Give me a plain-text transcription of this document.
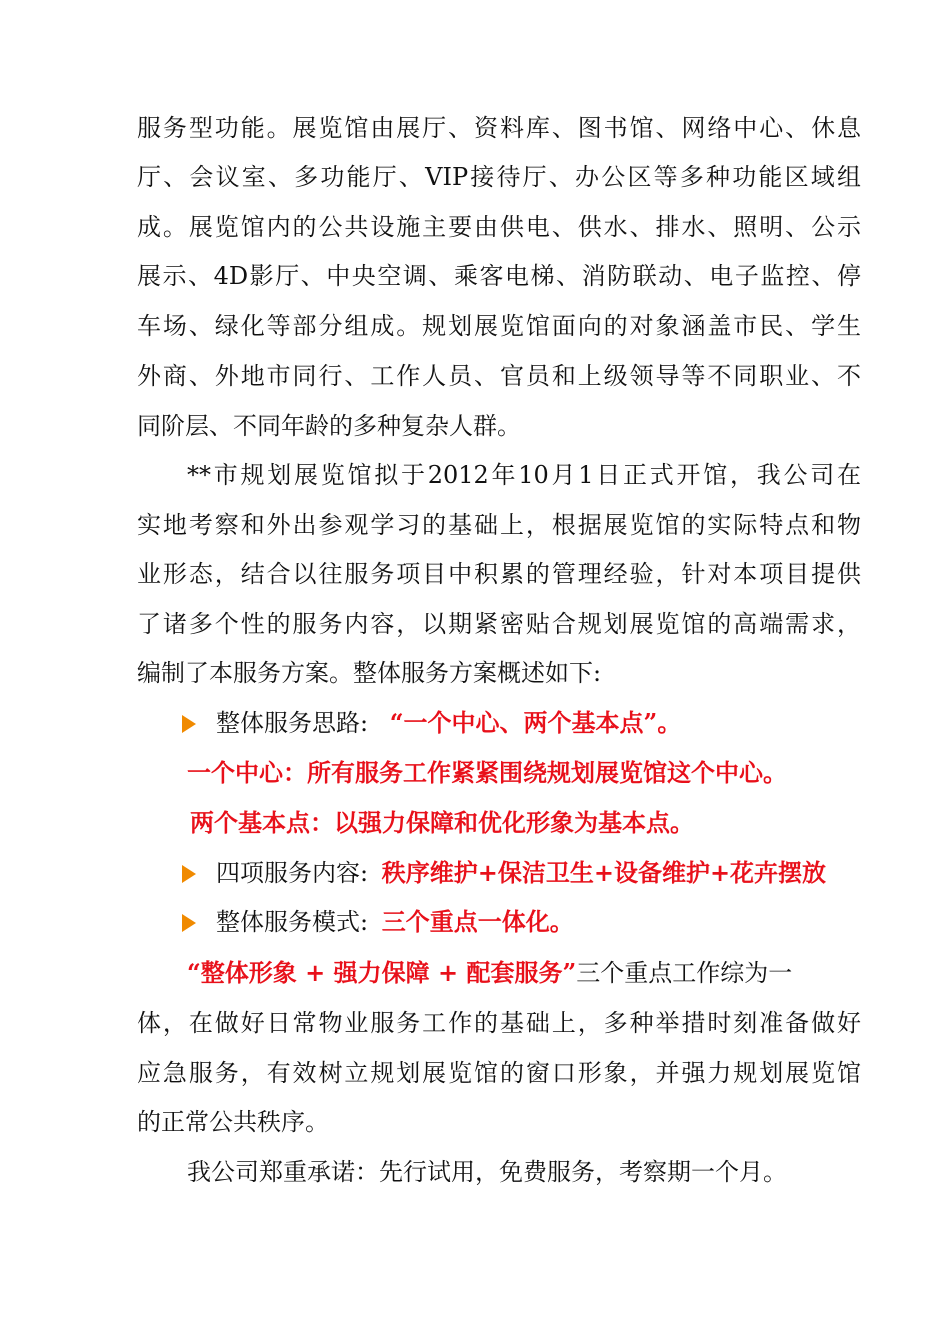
服务型功能。展览馆由展厅、资料库、图书馆、网络中心、休息
厅、会议室、多功能厅、VIP接待厅、办公区等多种功能区域组
成。展览馆内的公共设施主要由供电、供水、排水、照明、公示
展示、4D影厅、中央空调、乘客电梯、消防联动、电子监控、停
车场、绿化等部分组成。规划展览馆面向的对象涵盖市民、学生
外商、外地市同行、工作人员、官员和上级领导等不同职业、不
同阶层、不同年龄的多种复杂人群。
**市规划展览馆拟于2012年10月1日正式开馆，我公司在
实地考察和外出参观学习的基础上，根据展览馆的实际特点和物
业形态，结合以往服务项目中积累的管理经验，针对本项目提供
了诸多个性的服务内容，以期紧密贴合规划展览馆的高端需求，
编制了本服务方案。整体服务方案概述如下:
整体服务思路: “一个中心、两个基本点”。
一个中心：所有服务工作紧紧围绕规划展览馆这个中心。
两个基本点：以强力保障和优化形象为基本点。
四项服务内容: 秩序维护+保洁卫生+设备维护+花卉摆放
整体服务模式: 三个重点一体化。
“整体形象 + 强力保障 + 配套服务”三个重点工作综为一
体，在做好日常物业服务工作的基础上，多种举措时刻准备做好
应急服务，有效树立规划展览馆的窗口形象，并强力规划展览馆
的正常公共秩序。
我公司郑重承诺：先行试用，免费服务，考察期一个月。
